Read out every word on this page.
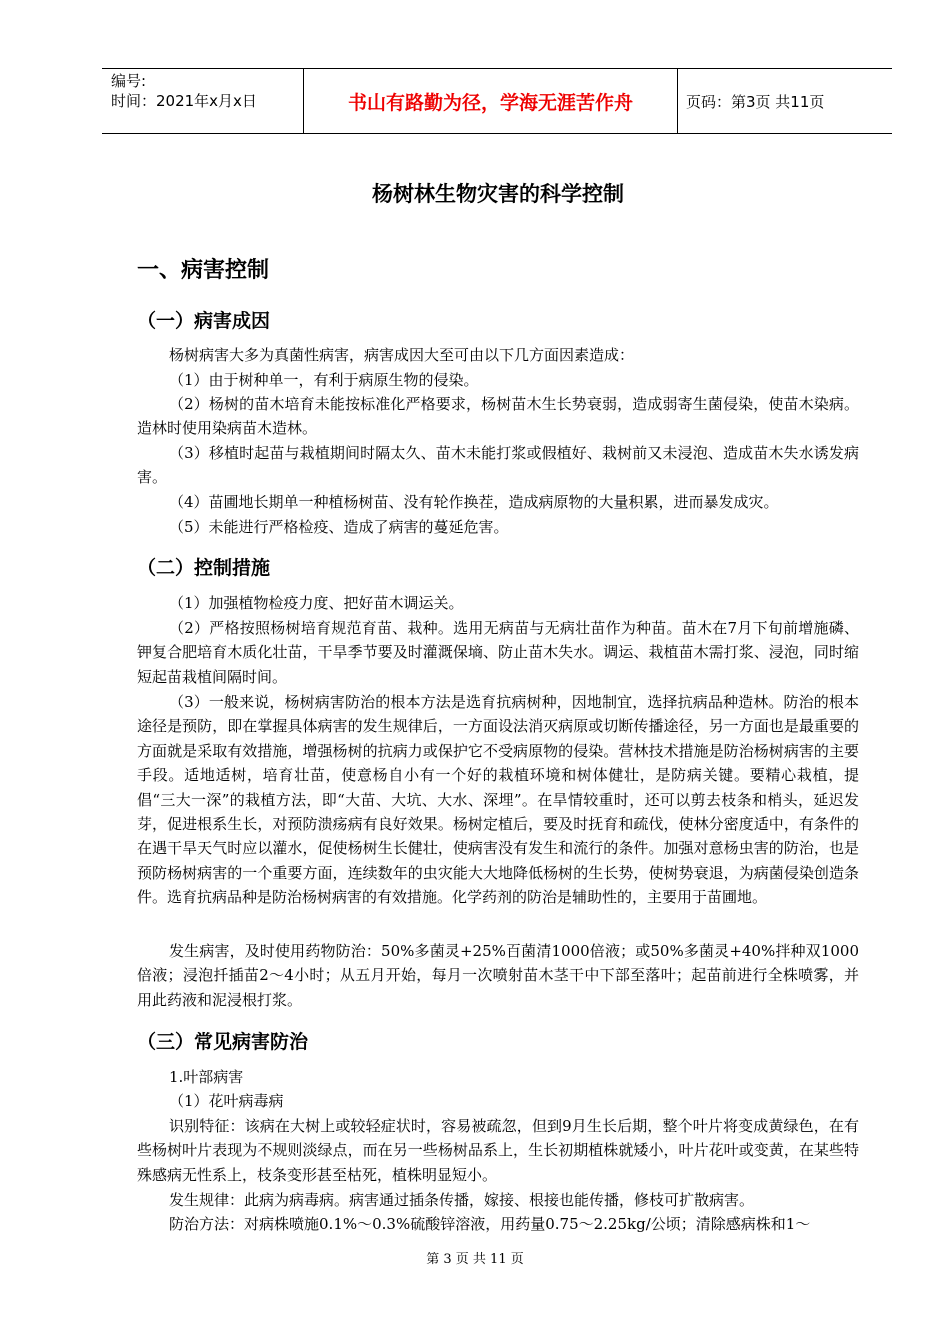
编号:
时间：2021年x月x日	书山有路勤为径，学海无涯苦作舟	页码：第3页 共11页
杨树林生物灾害的科学控制
一、病害控制
（一）病害成因
杨树病害大多为真菌性病害，病害成因大至可由以下几方面因素造成：
（1）由于树种单一，有利于病原生物的侵染。
（2）杨树的苗木培育未能按标准化严格要求，杨树苗木生长势衰弱，造成弱寄生菌侵染，使苗木染病。造林时使用染病苗木造林。
（3）移植时起苗与栽植期间时隔太久、苗木未能打浆或假植好、栽树前又未浸泡、造成苗木失水诱发病害。
（4）苗圃地长期单一种植杨树苗、没有轮作换茬，造成病原物的大量积累，进而暴发成灾。
（5）未能进行严格检疫、造成了病害的蔓延危害。
（二）控制措施
（1）加强植物检疫力度、把好苗木调运关。
（2）严格按照杨树培育规范育苗、栽种。选用无病苗与无病壮苗作为种苗。苗木在7月下旬前增施磷、钾复合肥培育木质化壮苗，干旱季节要及时灌溉保墒、防止苗木失水。调运、栽植苗木需打浆、浸泡，同时缩短起苗栽植间隔时间。
（3）一般来说，杨树病害防治的根本方法是选育抗病树种，因地制宜，选择抗病品种造林。防治的根本途径是预防，即在掌握具体病害的发生规律后，一方面设法消灭病原或切断传播途径，另一方面也是最重要的方面就是采取有效措施，增强杨树的抗病力或保护它不受病原物的侵染。营林技术措施是防治杨树病害的主要手段。适地适树，培育壮苗，使意杨自小有一个好的栽植环境和树体健壮，是防病关键。要精心栽植，提倡“三大一深”的栽植方法，即“大苗、大坑、大水、深埋”。在旱情较重时，还可以剪去枝条和梢头，延迟发芽，促进根系生长，对预防溃疡病有良好效果。杨树定植后，要及时抚育和疏伐，使林分密度适中，有条件的在遇干旱天气时应以灌水，促使杨树生长健壮，使病害没有发生和流行的条件。加强对意杨虫害的防治，也是预防杨树病害的一个重要方面，连续数年的虫灾能大大地降低杨树的生长势，使树势衰退，为病菌侵染创造条件。选育抗病品种是防治杨树病害的有效措施。化学药剂的防治是辅助性的，主要用于苗圃地。
发生病害，及时使用药物防治：50%多菌灵+25%百菌清1000倍液；或50%多菌灵+40%拌种双1000倍液；浸泡扦插苗2～4小时；从五月开始，每月一次喷射苗木茎干中下部至落叶；起苗前进行全株喷雾，并用此药液和泥浸根打浆。
（三）常见病害防治
1.叶部病害
（1）花叶病毒病
识别特征：该病在大树上或较轻症状时，容易被疏忽，但到9月生长后期，整个叶片将变成黄绿色，在有些杨树叶片表现为不规则淡绿点，而在另一些杨树品系上，生长初期植株就矮小，叶片花叶或变黄，在某些特殊感病无性系上，枝条变形甚至枯死，植株明显短小。
发生规律：此病为病毒病。病害通过插条传播，嫁接、根接也能传播，修枝可扩散病害。
防治方法：对病株喷施0.1%～0.3%硫酸锌溶液，用药量0.75～2.25kg/公顷；清除感病株和1～
第 3 页 共 11 页
